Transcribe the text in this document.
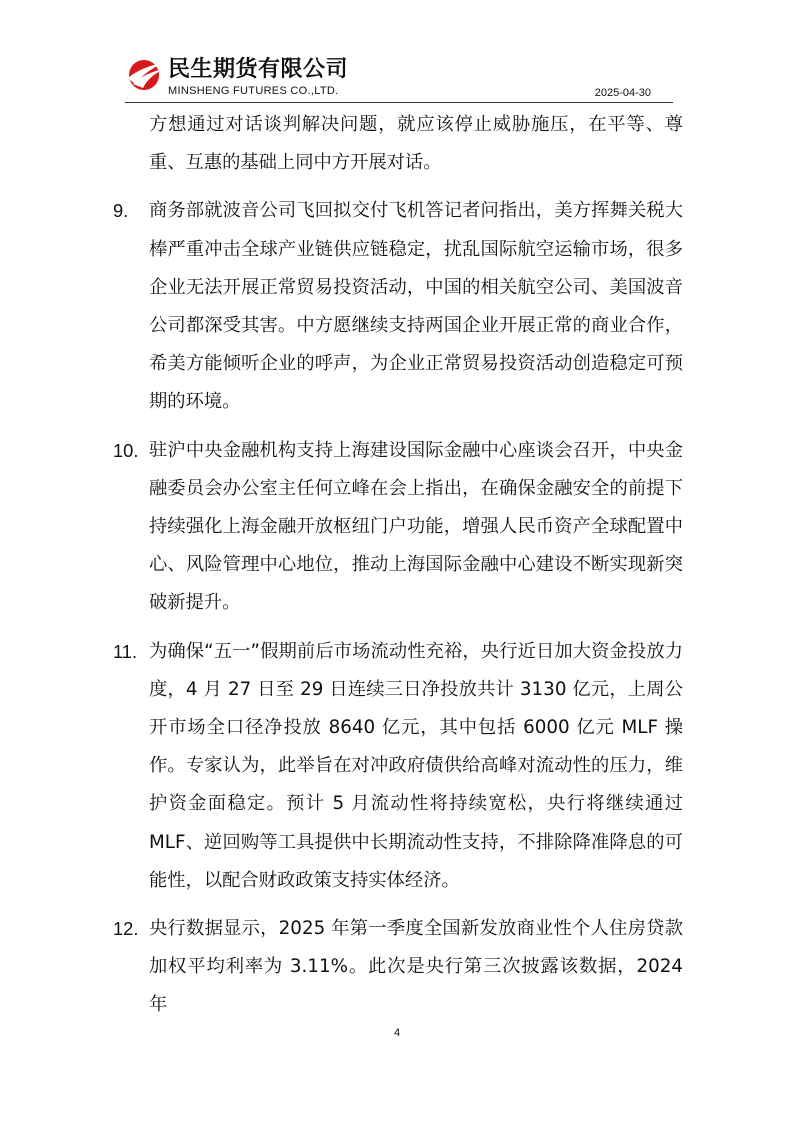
民生期货有限公司
MINSHENG FUTURES CO.,LTD.	2025-04-30

方想通过对话谈判解决问题，就应该停止威胁施压，在平等、尊重、互惠的基础上同中方开展对话。

9. 商务部就波音公司飞回拟交付飞机答记者问指出，美方挥舞关税大棒严重冲击全球产业链供应链稳定，扰乱国际航空运输市场，很多企业无法开展正常贸易投资活动，中国的相关航空公司、美国波音公司都深受其害。中方愿继续支持两国企业开展正常的商业合作，希美方能倾听企业的呼声，为企业正常贸易投资活动创造稳定可预期的环境。

10. 驻沪中央金融机构支持上海建设国际金融中心座谈会召开，中央金融委员会办公室主任何立峰在会上指出，在确保金融安全的前提下持续强化上海金融开放枢纽门户功能，增强人民币资产全球配置中心、风险管理中心地位，推动上海国际金融中心建设不断实现新突破新提升。

11. 为确保“五一”假期前后市场流动性充裕，央行近日加大资金投放力度，4 月 27 日至 29 日连续三日净投放共计 3130 亿元，上周公开市场全口径净投放 8640 亿元，其中包括 6000 亿元 MLF 操作。专家认为，此举旨在对冲政府债供给高峰对流动性的压力，维护资金面稳定。预计 5 月流动性将持续宽松，央行将继续通过 MLF、逆回购等工具提供中长期流动性支持，不排除降准降息的可能性，以配合财政政策支持实体经济。

12. 央行数据显示，2025 年第一季度全国新发放商业性个人住房贷款加权平均利率为 3.11%。此次是央行第三次披露该数据，2024 年

4
